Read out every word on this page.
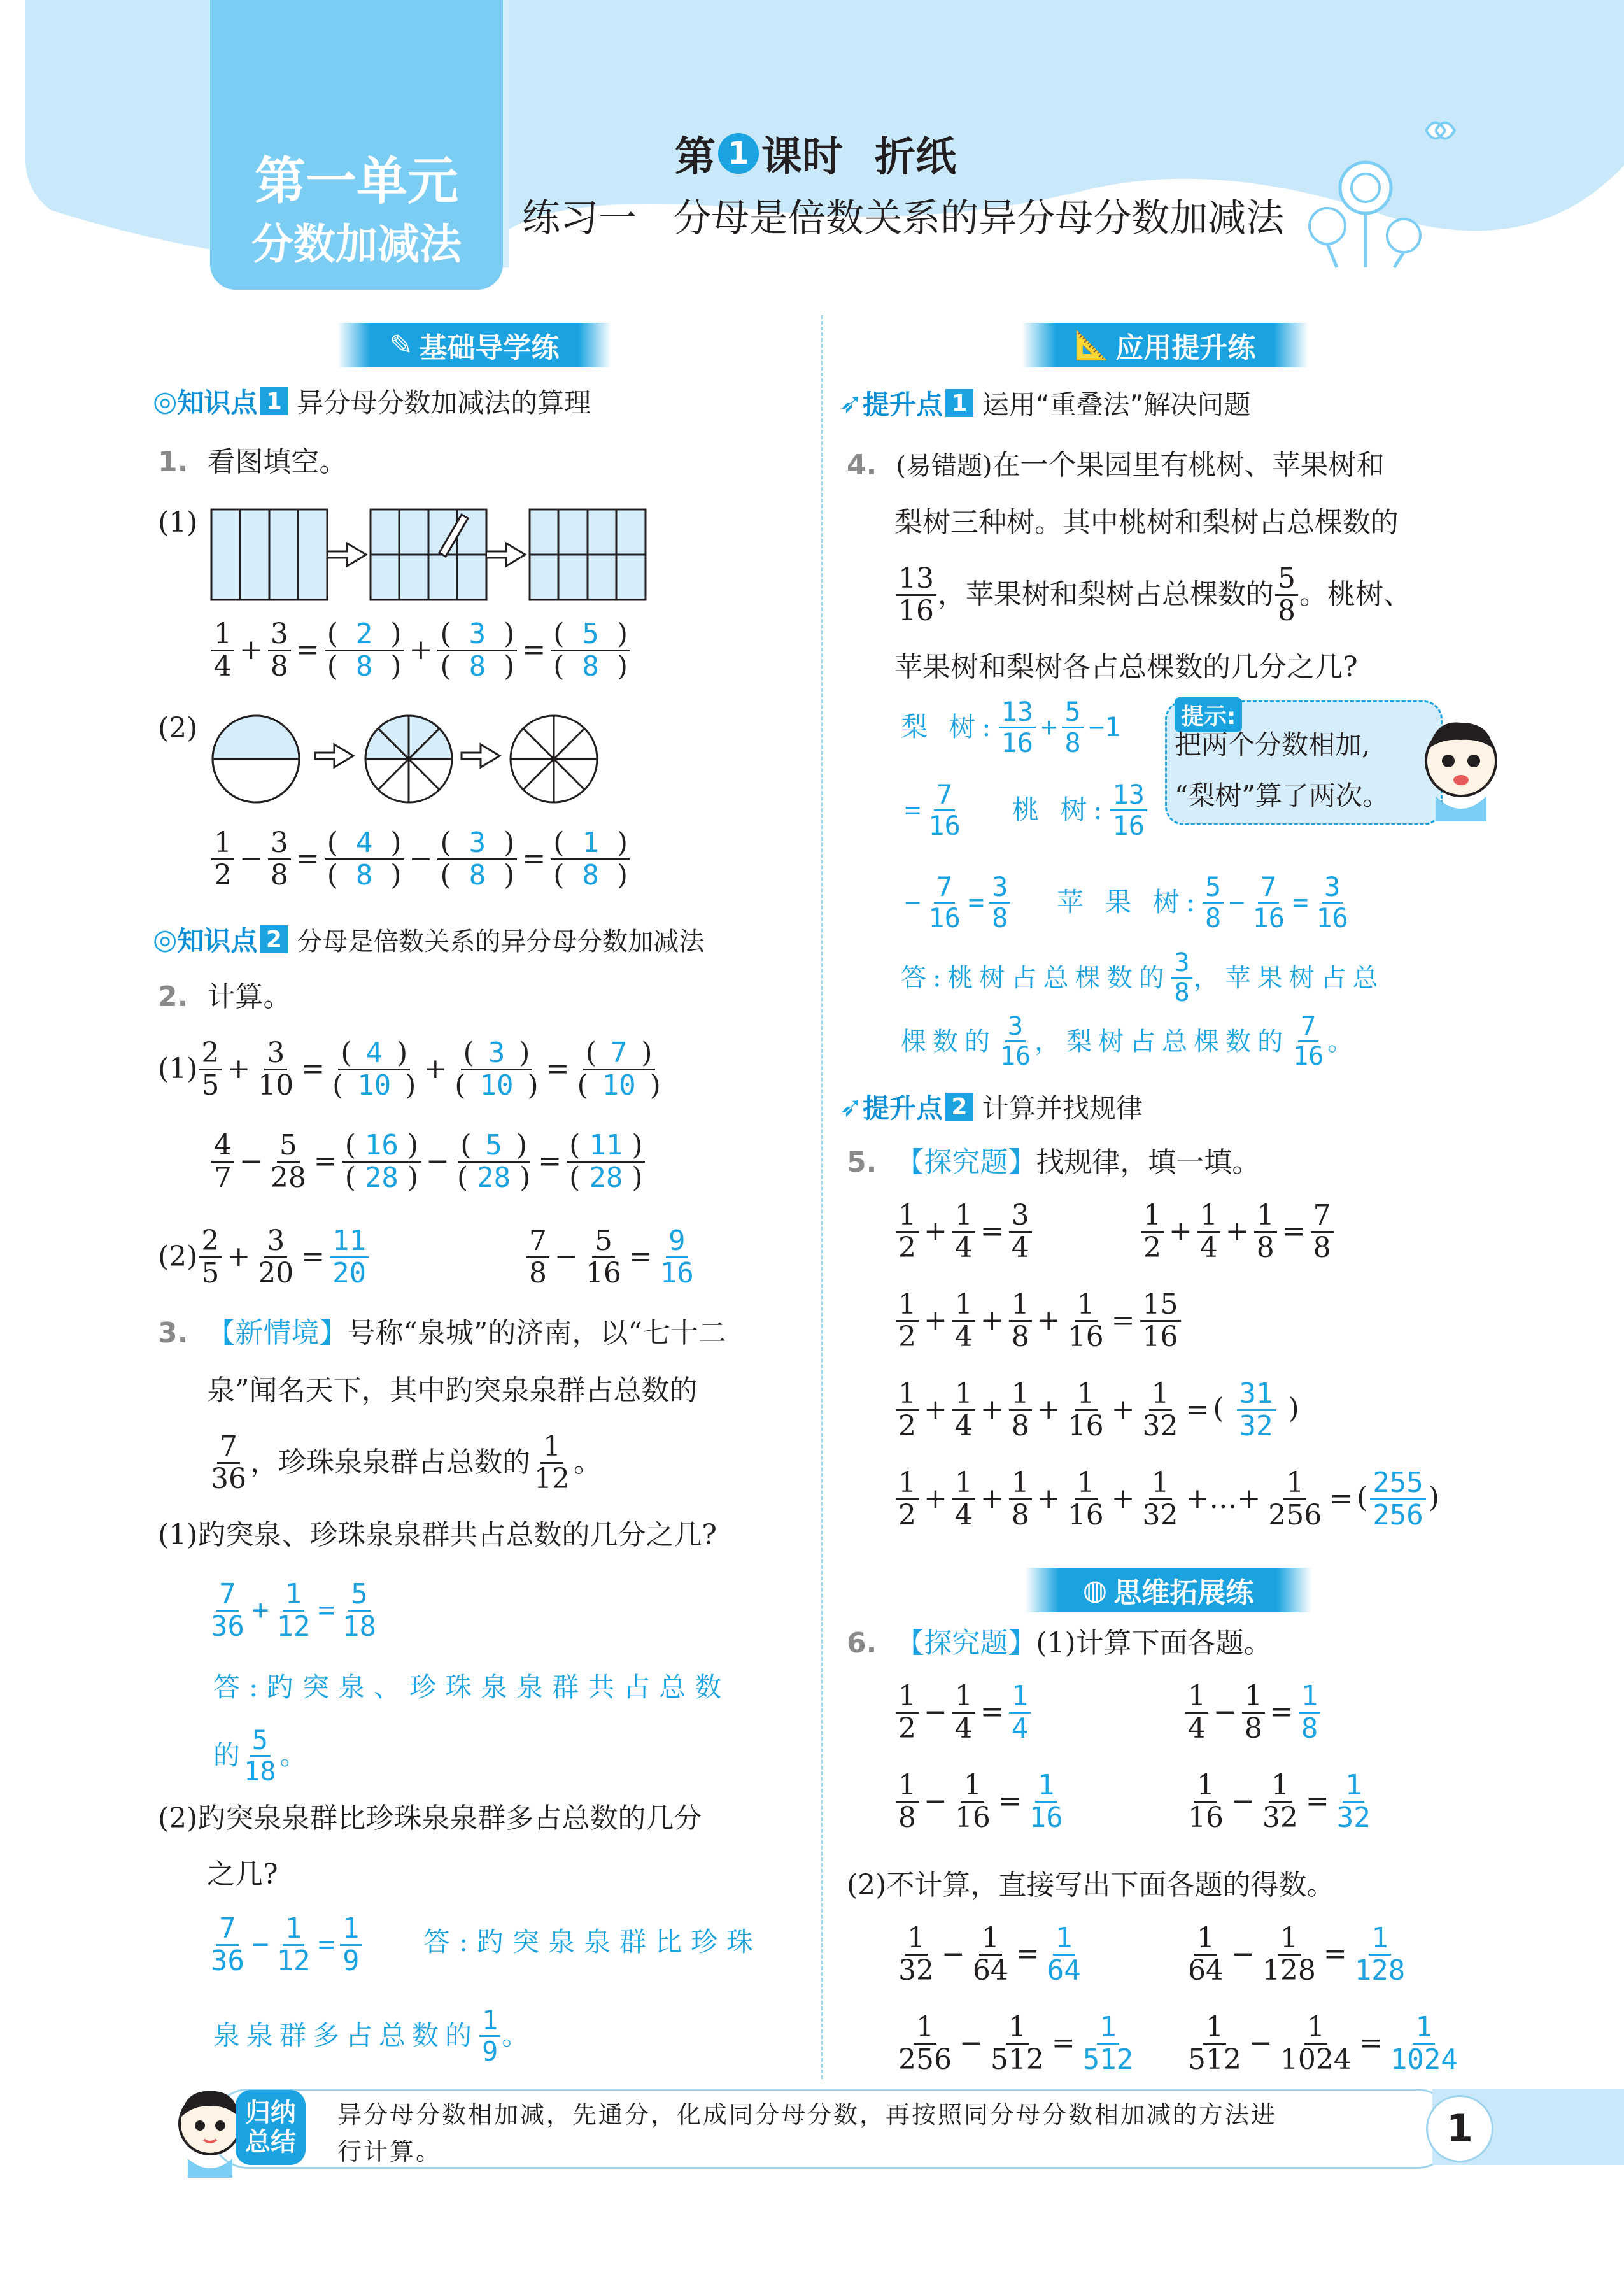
第一单元
分数加减法
第 1 课时 折纸
练习一   分母是倍数关系的异分母分数加减法
✎ 基础导学练
◎ 知识点 1 异分母分数加减法的算理
1. 看图填空。
(1)
1
4
+ $\frac{3}{8} = \frac{( 2 )}{( 8 )} + \frac{( 3 )}{( 8 )} = \frac{( 5 )}{( 8 )}$
(2)
1
2
− $\frac{3}{8} = \frac{( 4 )}{( 8 )} - \frac{( 3 )}{( 8 )} = \frac{( 1 )}{( 8 )}$
◎ 知识点 2 分母是倍数关系的异分母分数加减法
2. 计算。
(1) 2
5
+ $\frac{3}{10} = \frac{( 4 )}{( 10 )} + \frac{( 3 )}{( 10 )} = \frac{( 7 )}{( 10 )}$
4
7
− $\frac{5}{28} = \frac{( 16 )}{( 28 )} - \frac{( 5 )}{( 28 )} = \frac{( 11 )}{( 28 )}$
(2) 2
5
+ $\frac{3}{20} = \frac{11}{20}$	7
8
− $\frac{5}{16} = \frac{9}{16}$
3. 【新情境】号称“泉城”的济南，以“七十二
泉”闻名天下，其中趵突泉泉群占总数的
7
36
，珍珠泉泉群占总数的 1
12
。
(1)趵突泉、珍珠泉泉群共占总数的几分之几?
7
36
+ $\frac{1}{12} = \frac{5}{18}$
答:趵突泉、珍珠泉泉群共占总数
的 5
18
。
(2)趵突泉泉群比珍珠泉泉群多占总数的几分
之几?
7
36
− $\frac{1}{12} = \frac{1}{9}$ 答:趵突泉泉群比珍珠
泉泉群多占总数的 1
9
。
📐 应用提升练
➶ 提升点 1 运用“重叠法”解决问题
4. (易错题)在一个果园里有桃树、苹果树和
梨树三种树。其中桃树和梨树占总棵数的
13
16
，苹果树和梨树占总棵数的 5
8
。桃树、
苹果树和梨树各占总棵数的几分之几?
梨 树: 13
16
+ $\frac{5}{8} -1$	提示:
把两个分数相加,
“梨树”算了两次。
= $\frac{7}{16}$ 桃 树: 13
16
− $\frac{7}{16} = \frac{3}{8}$ 苹 果 树: 5
8
− $\frac{7}{16} = \frac{3}{16}$
答:桃树占总棵数的
3
8
，苹果树占总
棵数的
3
16
，梨树占总棵数的
7
16
。
➶ 提升点 2 计算并找规律
5. 【探究题】找规律，填一填。
1
2
+ $\frac{1}{4} = \frac{3}{4}$	1
2
+ $\frac{1}{4} + \frac{1}{8} = \frac{7}{8}$
1
2
+ $\frac{1}{4} + \frac{1}{8} + \frac{1}{16} = \frac{15}{16}$
1
2
+ $\frac{1}{4} + \frac{1}{8} + \frac{1}{16} + \frac{1}{32}$ = ( $\frac{31}{32}$ )
1
2
+ $\frac{1}{4} + \frac{1}{8} + \frac{1}{16} + \frac{1}{32}$ +…+ $\frac{1}{256}$ = ( $\frac{255}{256}$ )
◍ 思维拓展练
6. 【探究题】(1)计算下面各题。
1
2
− $\frac{1}{4} = \frac{1}{4}$	1
4
− $\frac{1}{8} = \frac{1}{8}$
1
8
− $\frac{1}{16} = \frac{1}{16}$	1
16
− $\frac{1}{32} = \frac{1}{32}$
(2)不计算，直接写出下面各题的得数。
1
32
− $\frac{1}{64} = \frac{1}{64}$	1
64
− $\frac{1}{128} = \frac{1}{128}$
1
256
− $\frac{1}{512} = \frac{1}{512} 1$
512
− $\frac{1}{1024} = \frac{1}{1024}$
归纳
总结
异分母分数相加减，先通分，化成同分母分数，再按照同分母分数相加减的方法进
行计算。
1
